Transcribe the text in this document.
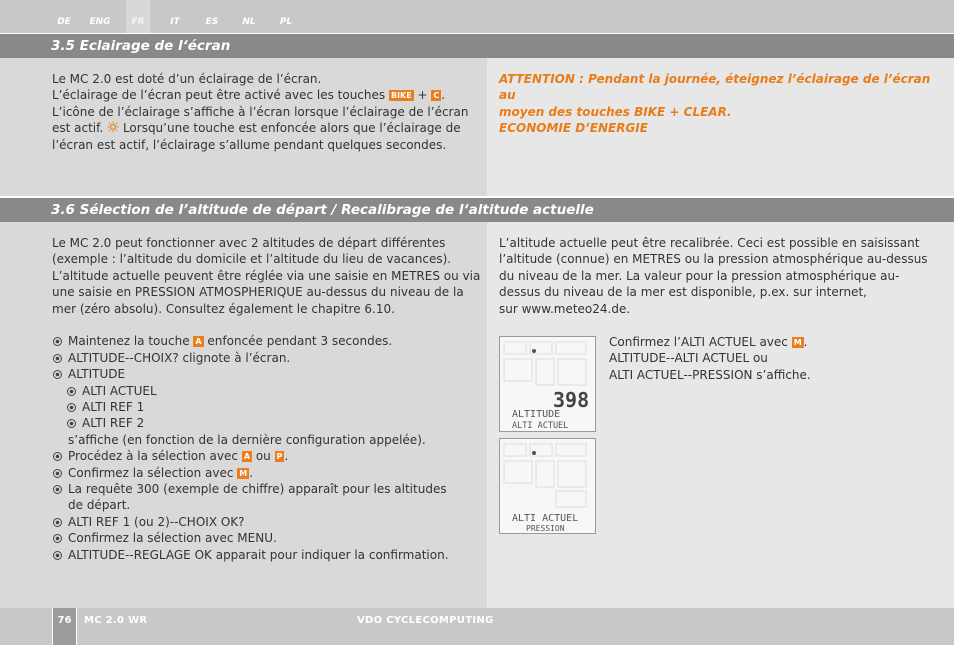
DE	ENG	FR	IT	ES	NL	PL
3.5 Eclairage de l‘écran
Le MC 2.0 est doté d’un éclairage de l’écran.
L’éclairage de l’écran peut être activé avec les touches BIKE + C .
L’icône de l’éclairage s’affiche à l’écran lorsque l’éclairage de l’écran
est actif.  Lorsqu’une touche est enfoncée alors que l’éclairage de
l’écran est actif, l’éclairage s’allume pendant quelques secondes.
ATTENTION : Pendant la journée, éteignez l’éclairage de l’écran au
moyen des touches BIKE + CLEAR.
ECONOMIE D’ENERGIE
3.6 Sélection de l’altitude de départ / Recalibrage de l‘altitude actuelle
Le MC 2.0 peut fonctionner avec 2 altitudes de départ différentes
(exemple : l’altitude du domicile et l’altitude du lieu de vacances).
L’altitude actuelle peuvent être réglée via une saisie en METRES ou via
une saisie en PRESSION ATMOSPHERIQUE au-dessus du niveau de la
mer (zéro absolu). Consultez également le chapitre 6.10.
Maintenez la touche A enfoncée pendant 3 secondes.
ALTITUDE--CHOIX? clignote à l’écran.
ALTITUDE
ALTI ACTUEL
ALTI REF 1
ALTI REF 2
s’affiche (en fonction de la dernière configuration appelée).
Procédez à la sélection avec A ou P .
Confirmez la sélection avec M .
La requête 300 (exemple de chiffre) apparaît pour les altitudes
de départ.
ALTI REF 1 (ou 2)--CHOIX OK?
Confirmez la sélection avec MENU.
ALTITUDE--REGLAGE OK apparait pour indiquer la confirmation.
L’altitude actuelle peut être recalibrée. Ceci est possible en saisissant
l’altitude (connue) en METRES ou la pression atmosphérique au-dessus
du niveau de la mer. La valeur pour la pression atmosphérique au-
dessus du niveau de la mer est disponible, p.ex. sur internet,
sur www.meteo24.de.
Confirmez l’ALTI ACTUEL avec M .
ALTITUDE--ALTI ACTUEL ou
ALTI ACTUEL--PRESSION s’affiche.
398
ALTITUDE
ALTI ACTUEL
ALTI ACTUEL
PRESSION
76	MC 2.0 WR	VDO CYCLECOMPUTING
